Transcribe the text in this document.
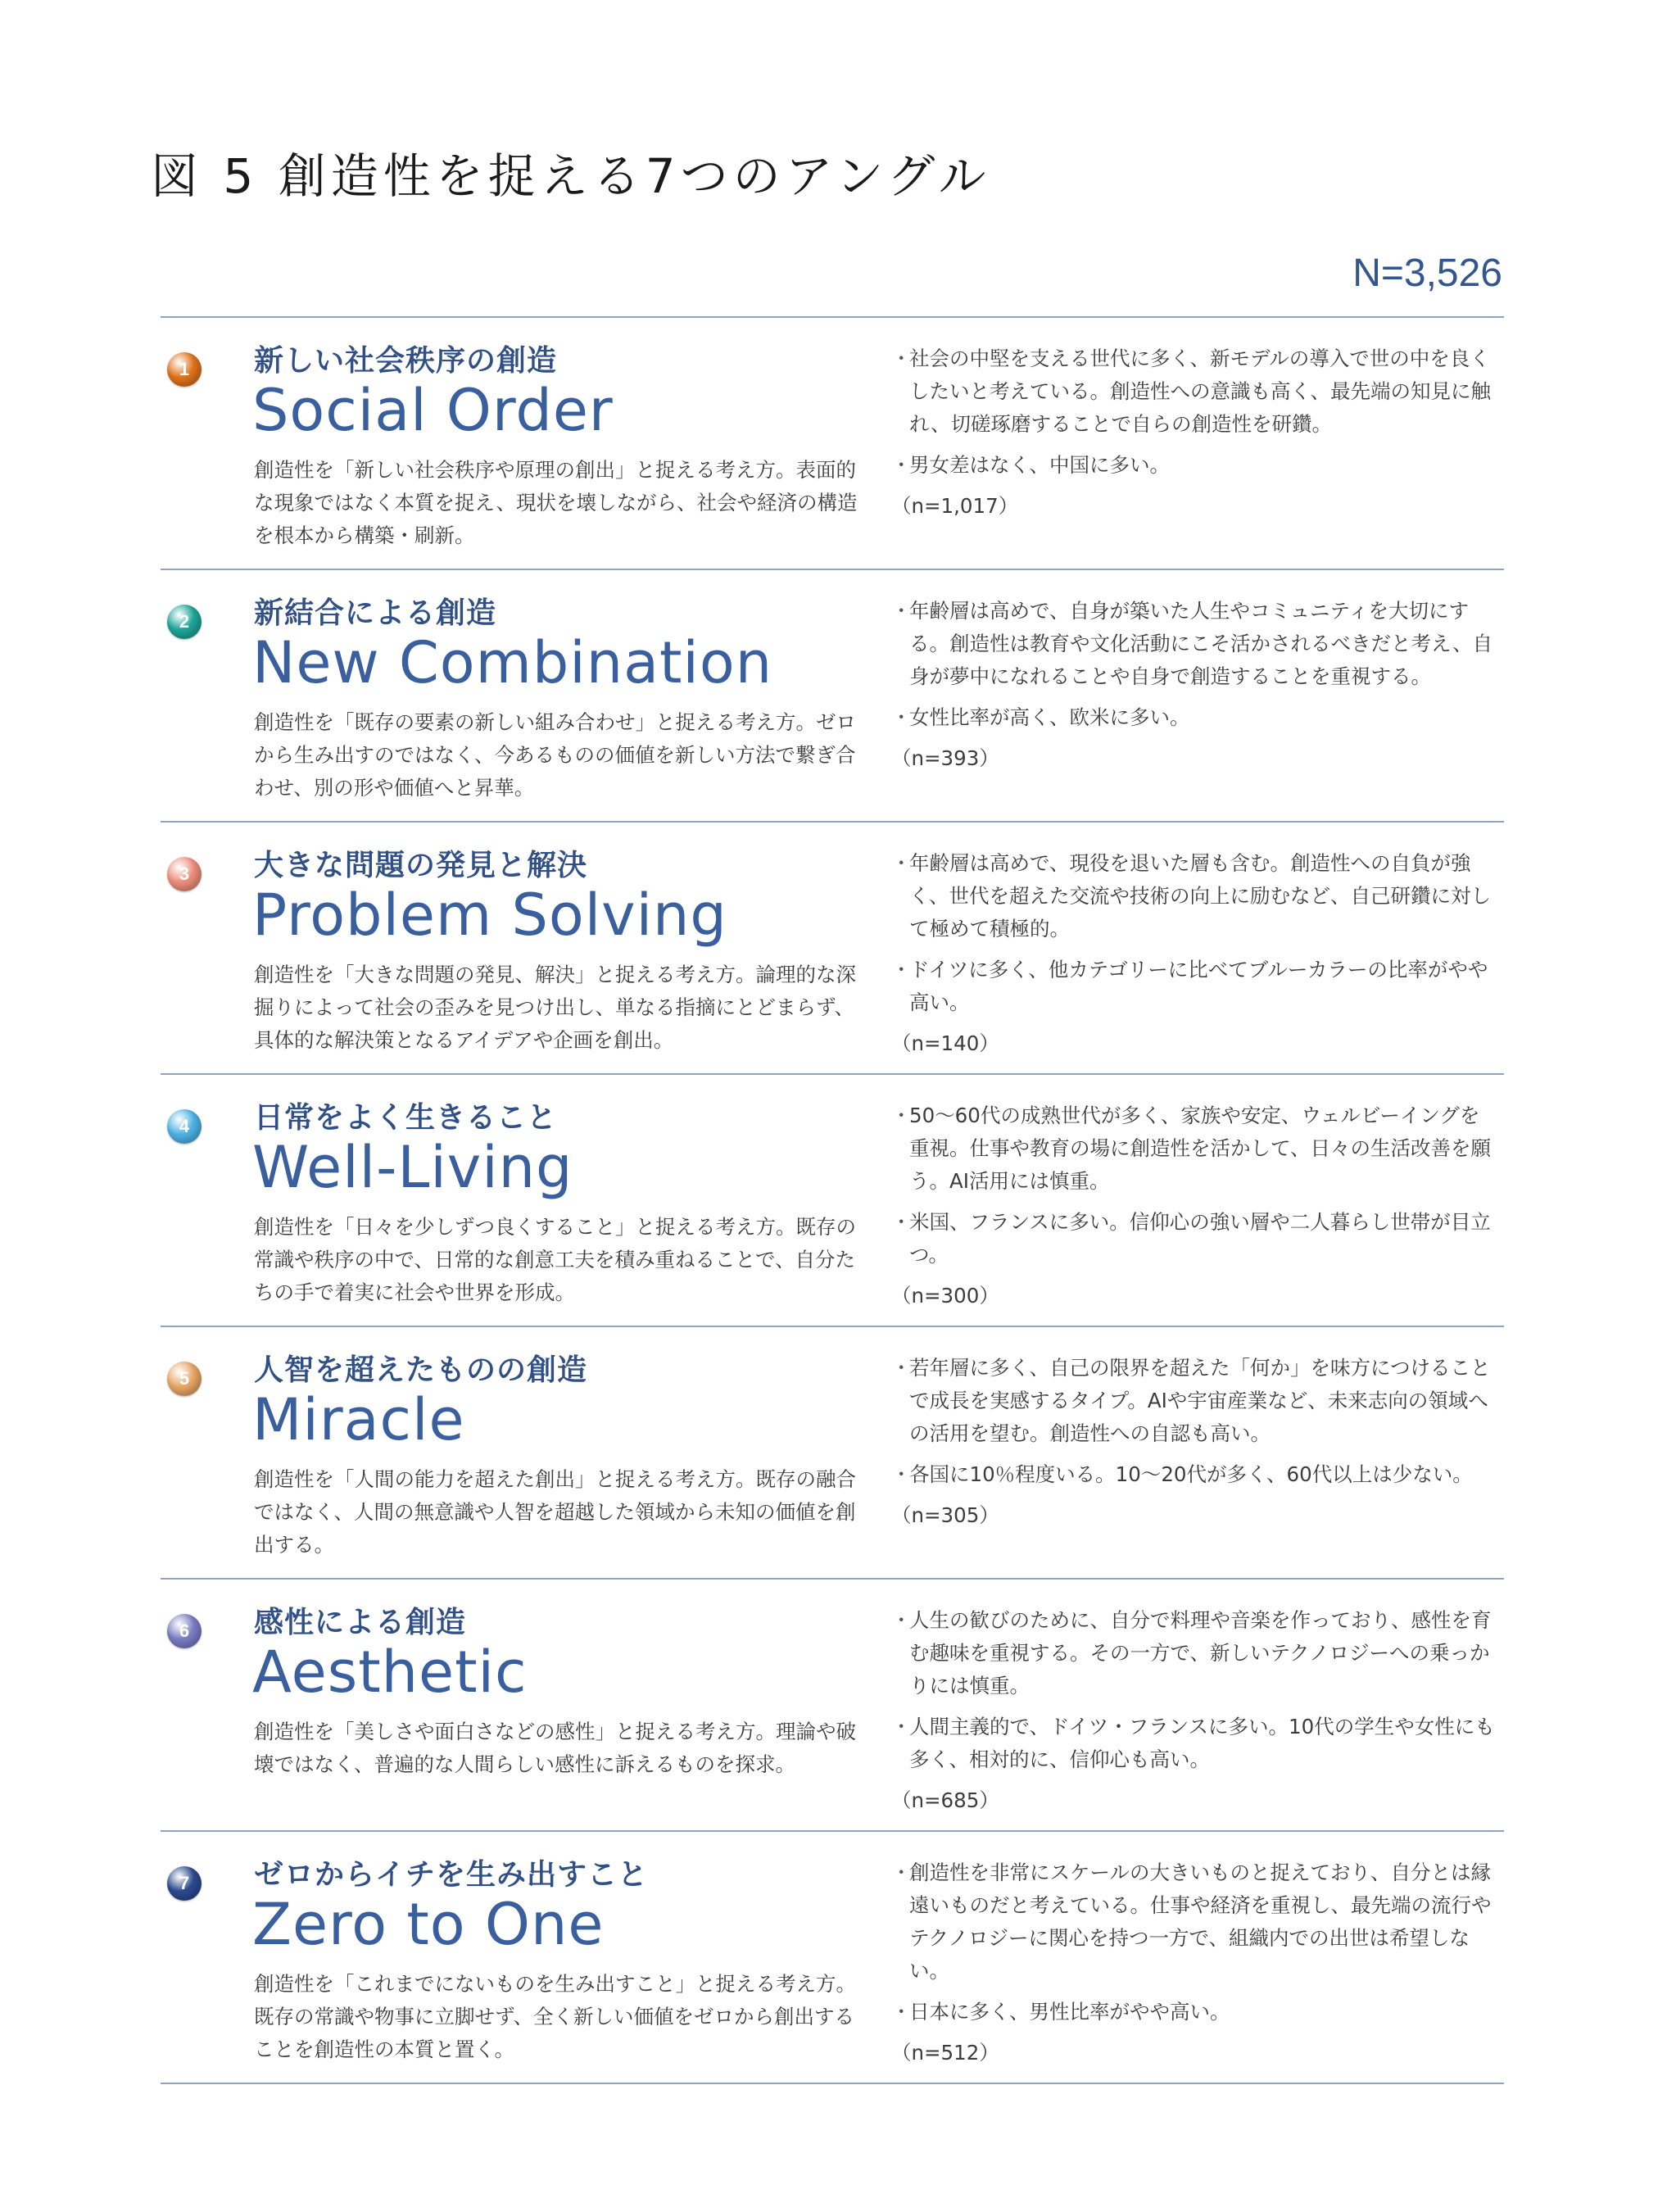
図 5 創造性を捉える7つのアングル
N=3,526
1	新しい社会秩序の創造
Social Order
創造性を「新しい社会秩序や原理の創出」と捉える考え方。表面的な現象ではなく本質を捉え、現状を壊しながら、社会や経済の構造を根本から構築・刷新。
・
社会の中堅を支える世代に多く、新モデルの導入で世の中を良くしたいと考えている。創造性への意識も高く、最先端の知見に触れ、切磋琢磨することで自らの創造性を研鑽。
・
男女差はなく、中国に多い。
（n=1,017）
2	新結合による創造
New Combination
創造性を「既存の要素の新しい組み合わせ」と捉える考え方。ゼロから生み出すのではなく、今あるものの価値を新しい方法で繋ぎ合わせ、別の形や価値へと昇華。
・
年齢層は高めで、自身が築いた人生やコミュニティを大切にする。創造性は教育や文化活動にこそ活かされるべきだと考え、自身が夢中になれることや自身で創造することを重視する。
・
女性比率が高く、欧米に多い。
（n=393）
3	大きな問題の発見と解決
Problem Solving
創造性を「大きな問題の発見、解決」と捉える考え方。論理的な深掘りによって社会の歪みを見つけ出し、単なる指摘にとどまらず、具体的な解決策となるアイデアや企画を創出。
・
年齢層は高めで、現役を退いた層も含む。創造性への自負が強く、世代を超えた交流や技術の向上に励むなど、自己研鑽に対して極めて積極的。
・
ドイツに多く、他カテゴリーに比べてブルーカラーの比率がやや高い。
（n=140）
4	日常をよく生きること
Well-Living
創造性を「日々を少しずつ良くすること」と捉える考え方。既存の常識や秩序の中で、日常的な創意工夫を積み重ねることで、自分たちの手で着実に社会や世界を形成。
・
50～60代の成熟世代が多く、家族や安定、ウェルビーイングを重視。仕事や教育の場に創造性を活かして、日々の生活改善を願う。AI活用には慎重。
・
米国、フランスに多い。信仰心の強い層や二人暮らし世帯が目立つ。
（n=300）
5	人智を超えたものの創造
Miracle
創造性を「人間の能力を超えた創出」と捉える考え方。既存の融合ではなく、人間の無意識や人智を超越した領域から未知の価値を創出する。
・
若年層に多く、自己の限界を超えた「何か」を味方につけることで成長を実感するタイプ。AIや宇宙産業など、未来志向の領域への活用を望む。創造性への自認も高い。
・
各国に10％程度いる。10～20代が多く、60代以上は少ない。
（n=305）
6	感性による創造
Aesthetic
創造性を「美しさや面白さなどの感性」と捉える考え方。理論や破壊ではなく、普遍的な人間らしい感性に訴えるものを探求。
・
人生の歓びのために、自分で料理や音楽を作っており、感性を育む趣味を重視する。その一方で、新しいテクノロジーへの乗っかりには慎重。
・
人間主義的で、ドイツ・フランスに多い。10代の学生や女性にも多く、相対的に、信仰心も高い。
（n=685）
7	ゼロからイチを生み出すこと
Zero to One
創造性を「これまでにないものを生み出すこと」と捉える考え方。既存の常識や物事に立脚せず、全く新しい価値をゼロから創出することを創造性の本質と置く。
・
創造性を非常にスケールの大きいものと捉えており、自分とは縁遠いものだと考えている。仕事や経済を重視し、最先端の流行やテクノロジーに関心を持つ一方で、組織内での出世は希望しない。
・
日本に多く、男性比率がやや高い。
（n=512）
